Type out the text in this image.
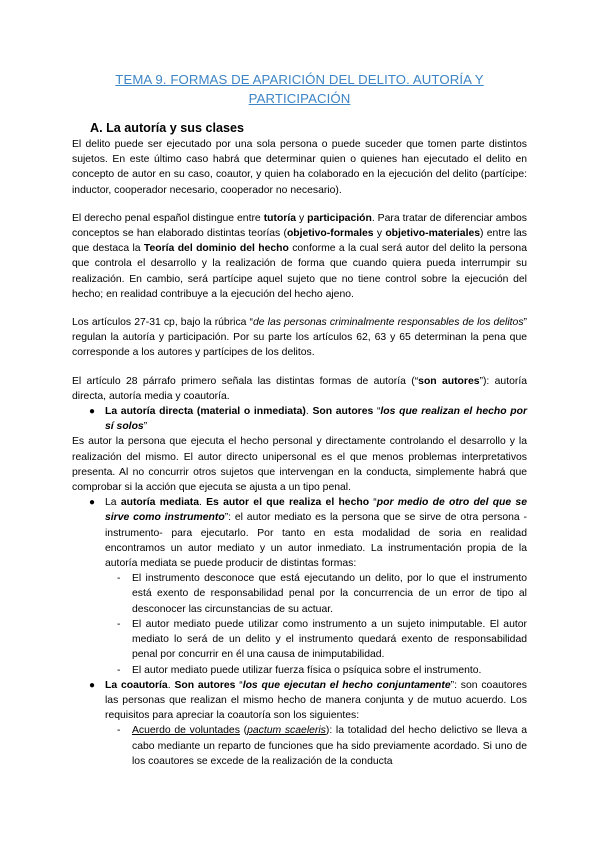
TEMA 9. FORMAS DE APARICIÓN DEL DELITO. AUTORÍA Y PARTICIPACIÓN
A. La autoría y sus clases

El delito puede ser ejecutado por una sola persona o puede suceder que tomen parte distintos sujetos. En este último caso habrá que determinar quien o quienes han ejecutado el delito en concepto de autor en su caso, coautor, y quien ha colaborado en la ejecución del delito (partícipe: inductor, cooperador necesario, cooperador no necesario).

El derecho penal español distingue entre tutoría y participación. Para tratar de diferenciar ambos conceptos se han elaborado distintas teorías (objetivo-formales y objetivo-materiales) entre las que destaca la Teoría del dominio del hecho conforme a la cual será autor del delito la persona que controla el desarrollo y la realización de forma que cuando quiera pueda interrumpir su realización. En cambio, será partícipe aquel sujeto que no tiene control sobre la ejecución del hecho; en realidad contribuye a la ejecución del hecho ajeno.

Los artículos 27-31 cp, bajo la rúbrica “de las personas criminalmente responsables de los delitos” regulan la autoría y participación. Por su parte los artículos 62, 63 y 65 determinan la pena que corresponde a los autores y partícipes de los delitos.

El artículo 28 párrafo primero señala las distintas formas de autoría (“son autores”): autoría directa, autoría media y coautoría.

● La autoría directa (material o inmediata). Son autores “los que realizan el hecho por sí solos”

Es autor la persona que ejecuta el hecho personal y directamente controlando el desarrollo y la realización del mismo. El autor directo unipersonal es el que menos problemas interpretativos presenta. Al no concurrir otros sujetos que intervengan en la conducta, simplemente habrá que comprobar si la acción que ejecuta se ajusta a un tipo penal.

● La autoría mediata. Es autor el que realiza el hecho “por medio de otro del que se sirve como instrumento”: el autor mediato es la persona que se sirve de otra persona -instrumento- para ejecutarlo. Por tanto en esta modalidad de soria en realidad encontramos un autor mediato y un autor inmediato. La instrumentación propia de la autoría mediata se puede producir de distintas formas:
- El instrumento desconoce que está ejecutando un delito, por lo que el instrumento está exento de responsabilidad penal por la concurrencia de un error de tipo al desconocer las circunstancias de su actuar.
- El autor mediato puede utilizar como instrumento a un sujeto inimputable. El autor mediato lo será de un delito y el instrumento quedará exento de responsabilidad penal por concurrir en él una causa de inimputabilidad.
- El autor mediato puede utilizar fuerza física o psíquica sobre el instrumento.
● La coautoría. Son autores “los que ejecutan el hecho conjuntamente”: son coautores las personas que realizan el mismo hecho de manera conjunta y de mutuo acuerdo. Los requisitos para apreciar la coautoría son los siguientes:
- Acuerdo de voluntades (pactum scaeleris): la totalidad del hecho delictivo se lleva a cabo mediante un reparto de funciones que ha sido previamente acordado. Si uno de los coautores se excede de la realización de la conducta
